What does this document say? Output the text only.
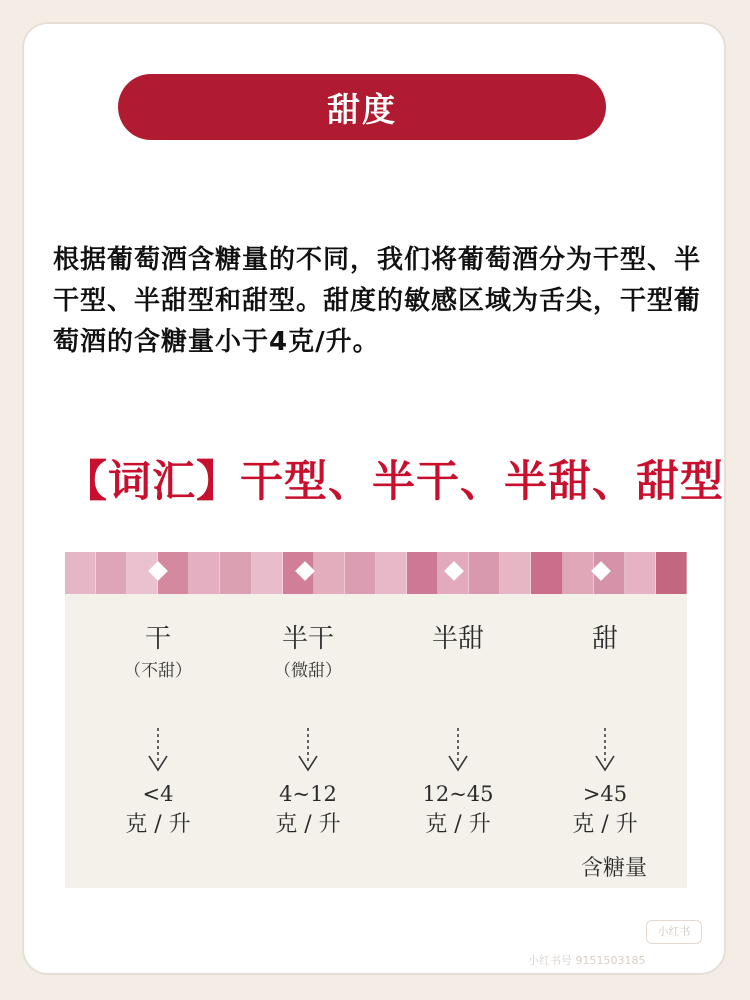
甜度
根据葡萄酒含糖量的不同，我们将葡萄酒分为干型、半干型、半甜型和甜型。甜度的敏感区域为舌尖，干型葡萄酒的含糖量小于4克/升。
【词汇】干型、半干、半甜、甜型
干
（不甜）
<4
克 / 升
半干
（微甜）
4~12
克 / 升
半甜
12~45
克 / 升
甜
>45
克 / 升
含糖量
小红书
小红书号 9151503185
